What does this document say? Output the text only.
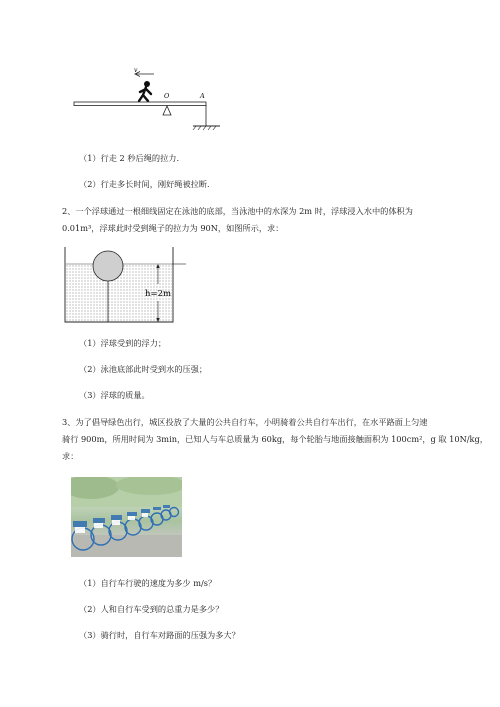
v
O	A
（1）行走 2 秒后绳的拉力.
（2）行走多长时间，刚好绳被拉断.
2、一个浮球通过一根细线固定在泳池的底部，当泳池中的水深为 2m 时，浮球浸入水中的体积为
0.01m³，浮球此时受到绳子的拉力为 90N，如图所示，求：
h=2m
（1）浮球受到的浮力；
（2）泳池底部此时受到水的压强；
（3）浮球的质量。
3、为了倡导绿色出行，城区投放了大量的公共自行车，小明骑着公共自行车出行，在水平路面上匀速
骑行 900m，所用时间为 3min，已知人与车总质量为 60kg，每个轮胎与地面接触面积为 100cm²，g 取 10N/kg，
求：
（1）自行车行驶的速度为多少 m/s？
（2）人和自行车受到的总重力是多少？
（3）骑行时，自行车对路面的压强为多大？
